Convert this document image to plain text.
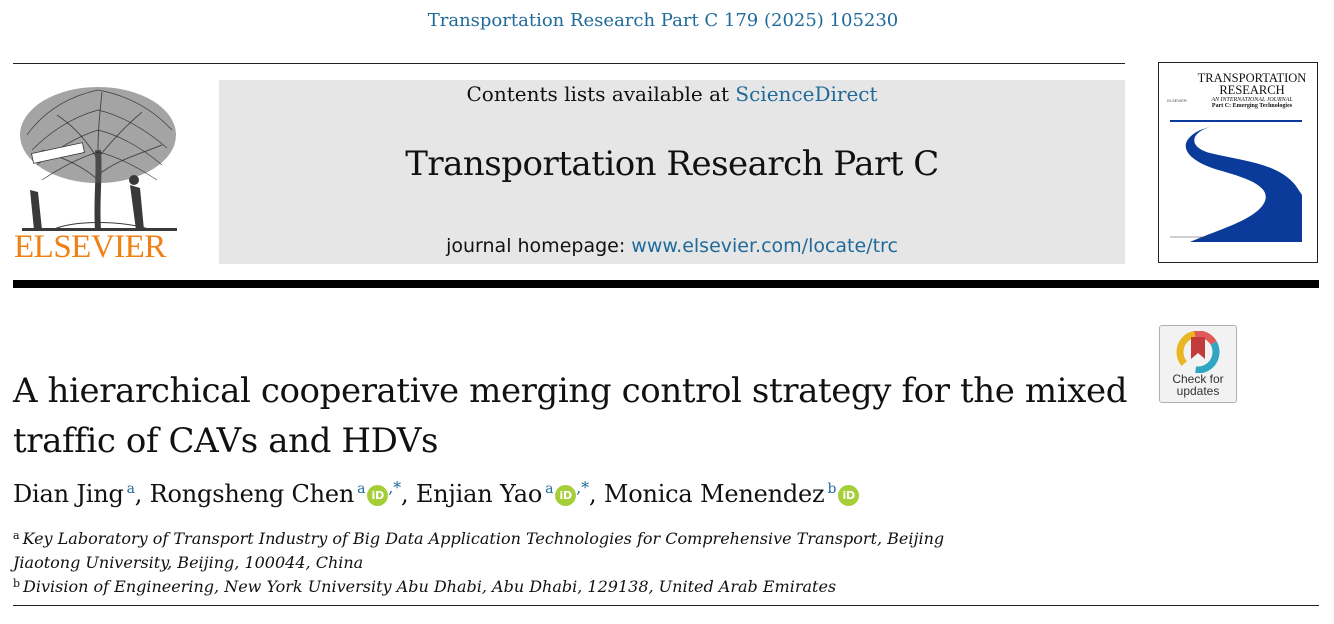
Transportation Research Part C 179 (2025) 105230
ELSEVIER
Contents lists available at ScienceDirect
Transportation Research Part C
journal homepage: www.elsevier.com/locate/trc
TRANSPORTATION RESEARCH
AN INTERNATIONAL JOURNAL
Part C: Emerging Technologies
ELSEVIER
Check for updates
A hierarchical cooperative merging control strategy for the mixed traffic of CAVs and HDVs
Dian Jing $^a$, Rongsheng Chen $^a$ iD ,*, Enjian Yao $^a$ iD ,*, Monica Menendez $^b$ iD
$^a$ Key Laboratory of Transport Industry of Big Data Application Technologies for Comprehensive Transport, Beijing Jiaotong University, Beijing, 100044, China
$^b$ Division of Engineering, New York University Abu Dhabi, Abu Dhabi, 129138, United Arab Emirates
